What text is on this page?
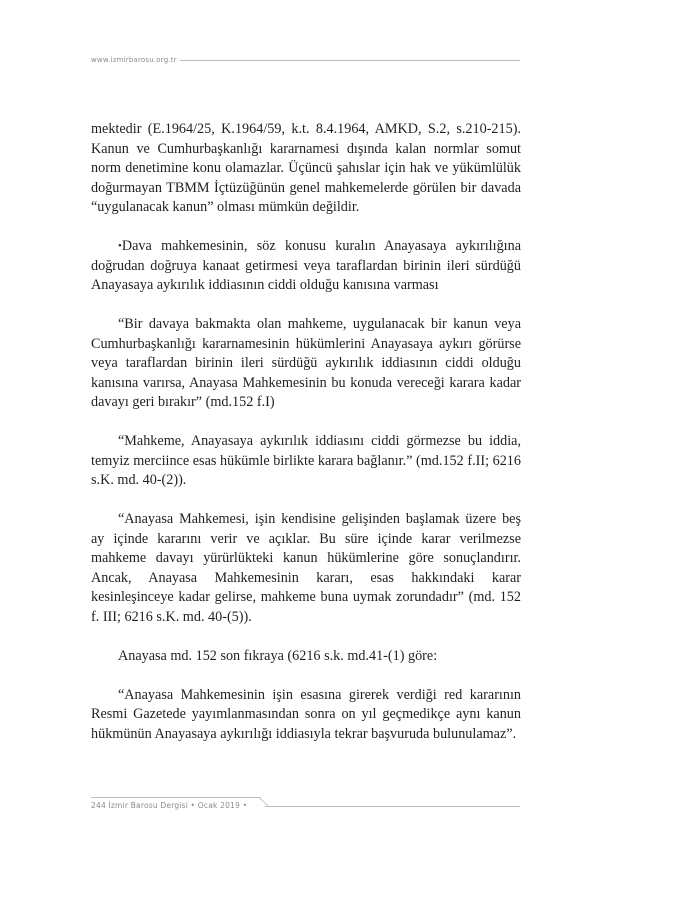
www.izmirbarosu.org.tr

mektedir (E.1964/25, K.1964/59, k.t. 8.4.1964, AMKD, S.2, s.210-215). Kanun ve Cumhurbaşkanlığı kararnamesi dışında kalan normlar somut norm denetimine konu olamazlar. Üçüncü şahıslar için hak ve yükümlülük doğurmayan TBMM İçtüzüğünün genel mahkemelerde görülen bir davada “uygulanacak kanun” olması mümkün değildir.

•Dava mahkemesinin, söz konusu kuralın Anayasaya aykırılığına doğrudan doğruya kanaat getirmesi veya taraflardan birinin ileri sürdüğü Anayasaya aykırılık iddiasının ciddi olduğu kanısına varması

“Bir davaya bakmakta olan mahkeme, uygulanacak bir kanun veya Cumhurbaşkanlığı kararnamesinin hükümlerini Anayasaya aykırı görürse veya taraflardan birinin ileri sürdüğü aykırılık iddiasının ciddi olduğu kanısına varırsa, Anayasa Mahkemesinin bu konuda vereceği karara kadar davayı geri bırakır” (md.152 f.I)

“Mahkeme, Anayasaya aykırılık iddiasını ciddi görmezse bu iddia, temyiz merciince esas hükümle birlikte karara bağlanır.” (md.152 f.II; 6216 s.K. md. 40-(2)).

“Anayasa Mahkemesi, işin kendisine gelişinden başlamak üzere beş ay içinde kararını verir ve açıklar. Bu süre içinde karar verilmezse mahkeme davayı yürürlükteki kanun hükümlerine göre sonuçlandırır. Ancak, Anayasa Mahkemesinin kararı, esas hakkındaki karar kesinleşinceye kadar gelirse, mahkeme buna uymak zorundadır” (md. 152 f. III; 6216 s.K. md. 40-(5)).

Anayasa md. 152 son fıkraya (6216 s.k. md.41-(1) göre:

“Anayasa Mahkemesinin işin esasına girerek verdiği red kararının Resmi Gazetede yayımlanmasından sonra on yıl geçmedikçe aynı kanun hükmünün Anayasaya aykırılığı iddiasıyla tekrar başvuruda bulunulamaz”.

244 İzmir Barosu Dergisi • Ocak 2019 •
